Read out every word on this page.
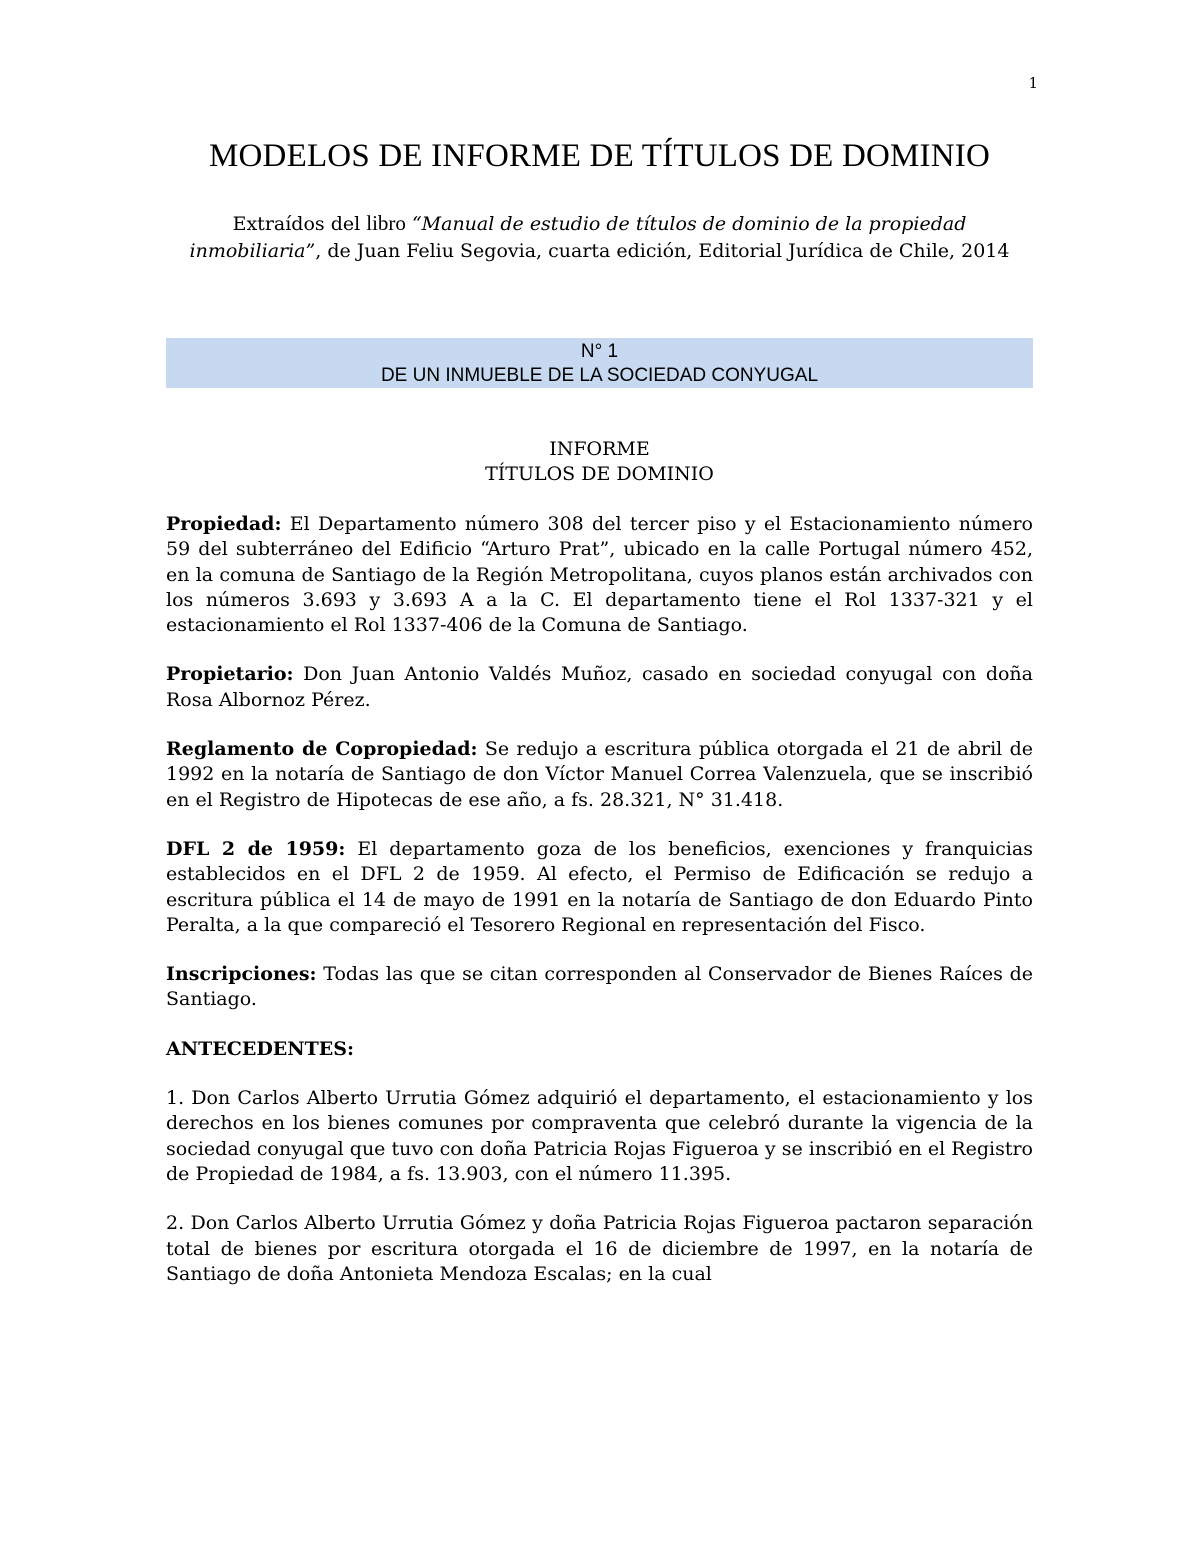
1
MODELOS DE INFORME DE TÍTULOS DE DOMINIO
Extraídos del libro “Manual de estudio de títulos de dominio de la propiedad inmobiliaria”, de Juan Feliu Segovia, cuarta edición, Editorial Jurídica de Chile, 2014
N° 1
DE UN INMUEBLE DE LA SOCIEDAD CONYUGAL
INFORME
TÍTULOS DE DOMINIO

Propiedad: El Departamento número 308 del tercer piso y el Estacionamiento número 59 del subterráneo del Edificio “Arturo Prat”, ubicado en la calle Portugal número 452, en la comuna de Santiago de la Región Metropolitana, cuyos planos están archivados con los números 3.693 y 3.693 A a la C. El departamento tiene el Rol 1337-321 y el estacionamiento el Rol 1337-406 de la Comuna de Santiago.

Propietario: Don Juan Antonio Valdés Muñoz, casado en sociedad conyugal con doña Rosa Albornoz Pérez.

Reglamento de Copropiedad: Se redujo a escritura pública otorgada el 21 de abril de 1992 en la notaría de Santiago de don Víctor Manuel Correa Valenzuela, que se inscribió en el Registro de Hipotecas de ese año, a fs. 28.321, N° 31.418.

DFL 2 de 1959: El departamento goza de los beneficios, exenciones y franquicias establecidos en el DFL 2 de 1959. Al efecto, el Permiso de Edificación se redujo a escritura pública el 14 de mayo de 1991 en la notaría de Santiago de don Eduardo Pinto Peralta, a la que compareció el Tesorero Regional en representación del Fisco.

Inscripciones: Todas las que se citan corresponden al Conservador de Bienes Raíces de Santiago.

ANTECEDENTES:

1. Don Carlos Alberto Urrutia Gómez adquirió el departamento, el estacionamiento y los derechos en los bienes comunes por compraventa que celebró durante la vigencia de la sociedad conyugal que tuvo con doña Patricia Rojas Figueroa y se inscribió en el Registro de Propiedad de 1984, a fs. 13.903, con el número 11.395.

2. Don Carlos Alberto Urrutia Gómez y doña Patricia Rojas Figueroa pactaron separación total de bienes por escritura otorgada el 16 de diciembre de 1997, en la notaría de Santiago de doña Antonieta Mendoza Escalas; en la cual
